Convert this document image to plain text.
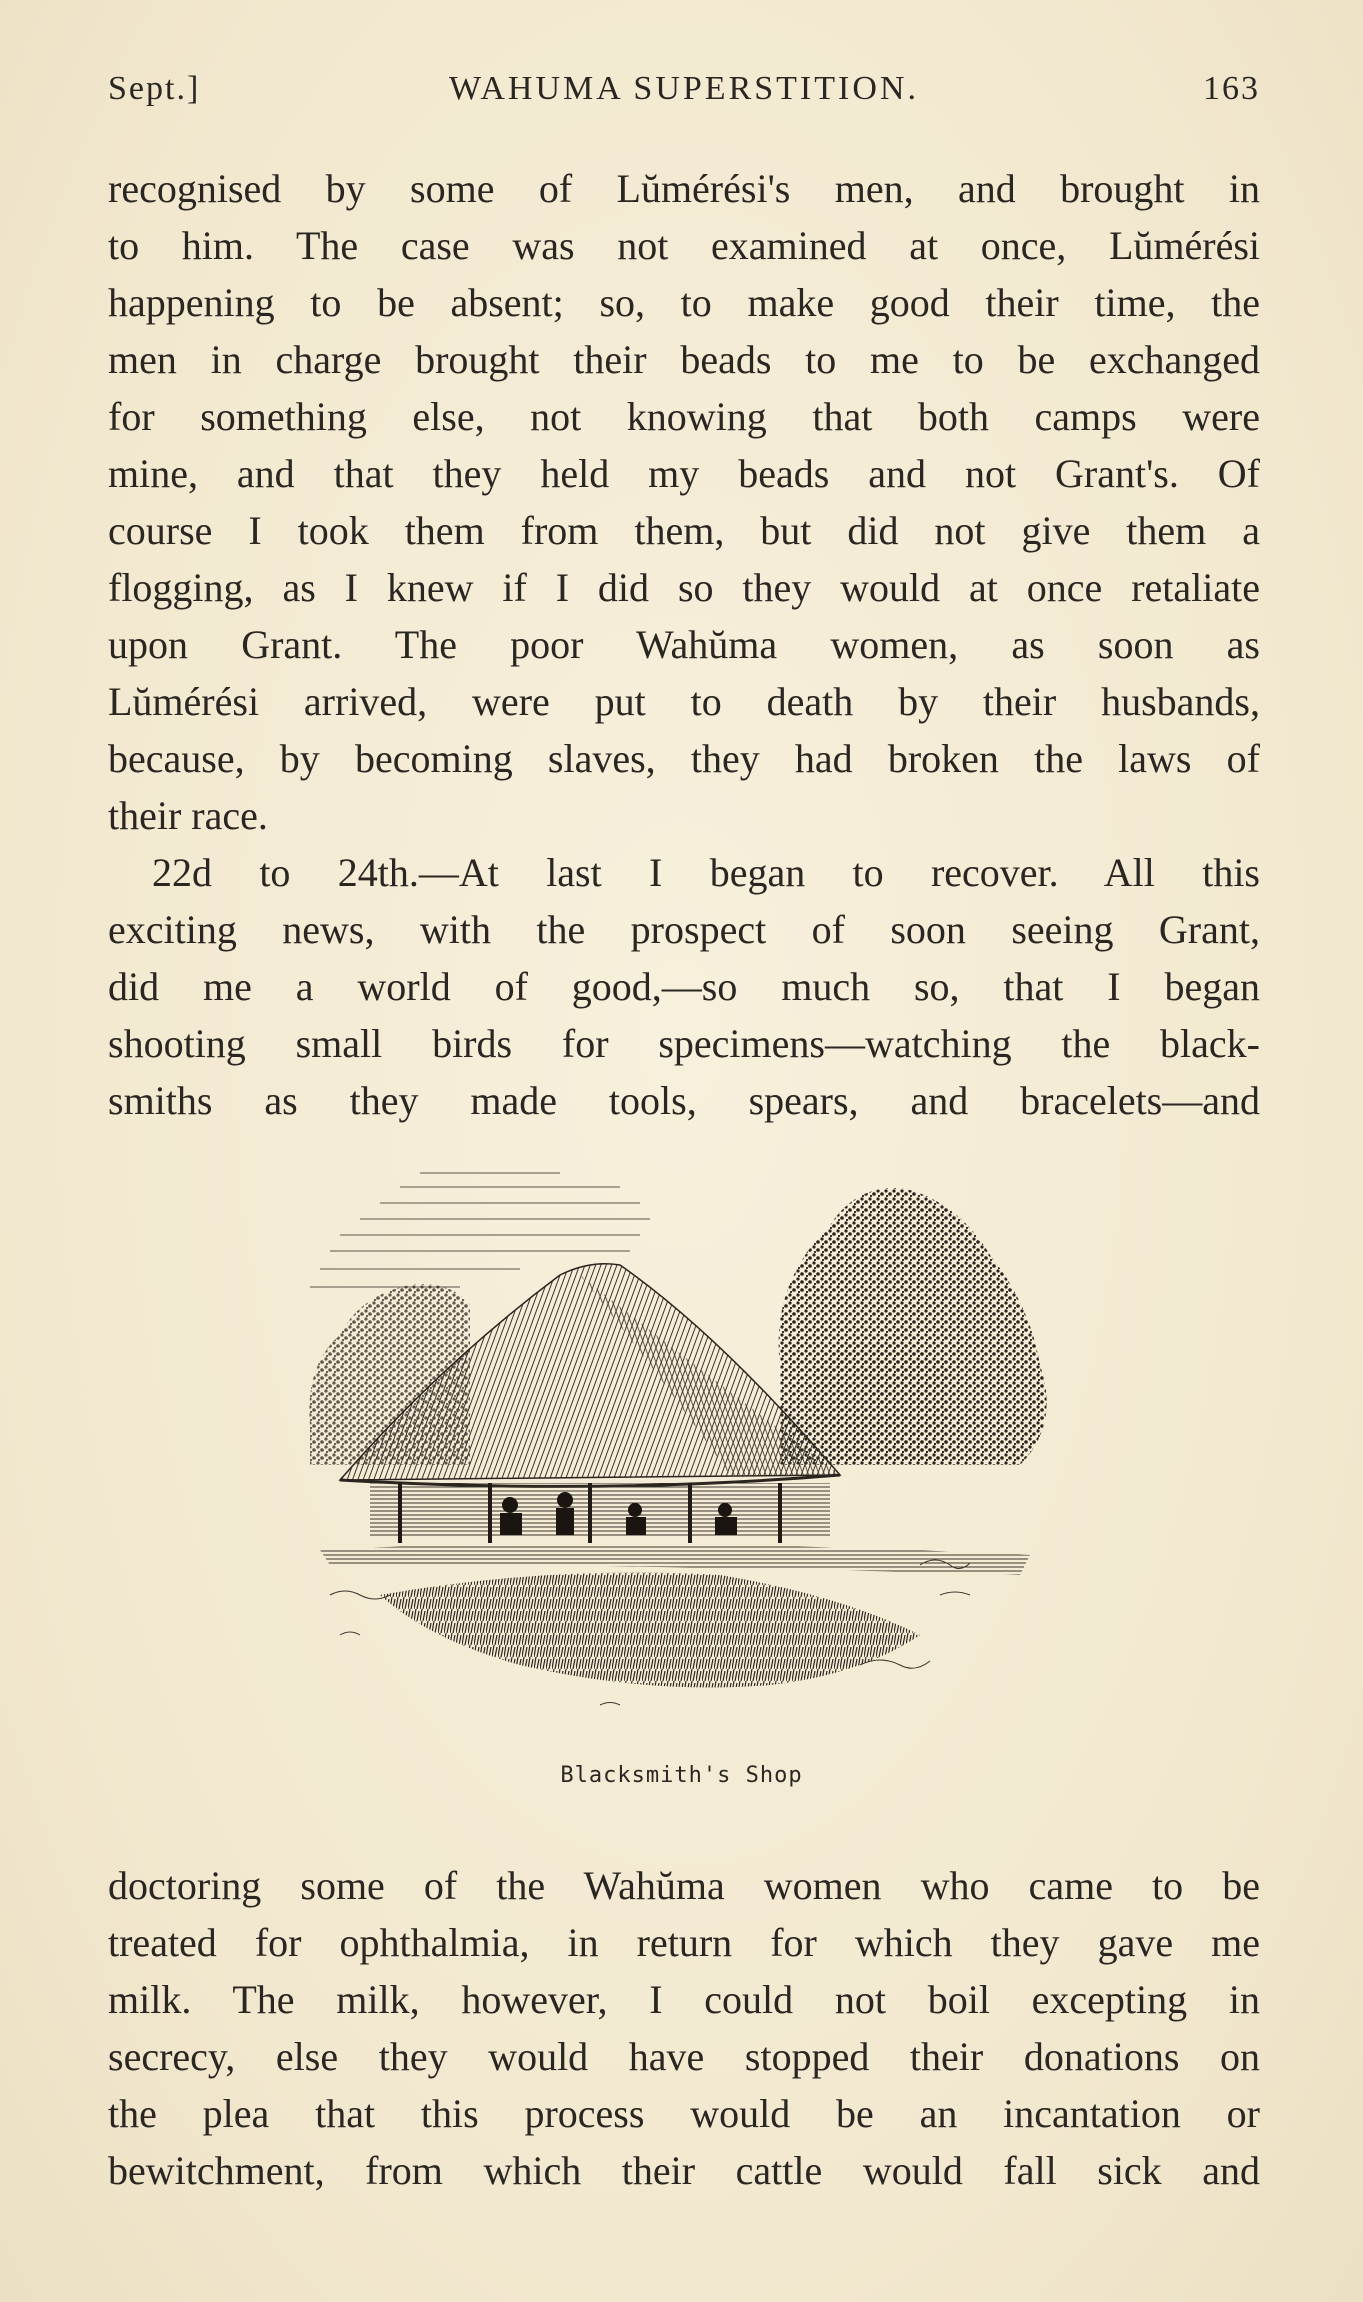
Sept.]	WAHUMA SUPERSTITION.	163
recognised by some of Lŭmérési's men, and brought in
to him. The case was not examined at once, Lŭmérési
happening to be absent; so, to make good their time, the
men in charge brought their beads to me to be exchanged
for something else, not knowing that both camps were
mine, and that they held my beads and not Grant's. Of
course I took them from them, but did not give them a
flogging, as I knew if I did so they would at once retaliate
upon Grant. The poor Wahŭma women, as soon as
Lŭmérési arrived, were put to death by their husbands,
because, by becoming slaves, they had broken the laws of
their race.
22d to 24th.—At last I began to recover. All this
exciting news, with the prospect of soon seeing Grant,
did me a world of good,—so much so, that I began
shooting small birds for specimens—watching the black-
smiths as they made tools, spears, and bracelets—and
Blacksmith's Shop
doctoring some of the Wahŭma women who came to be
treated for ophthalmia, in return for which they gave me
milk. The milk, however, I could not boil excepting in
secrecy, else they would have stopped their donations on
the plea that this process would be an incantation or
bewitchment, from which their cattle would fall sick and
